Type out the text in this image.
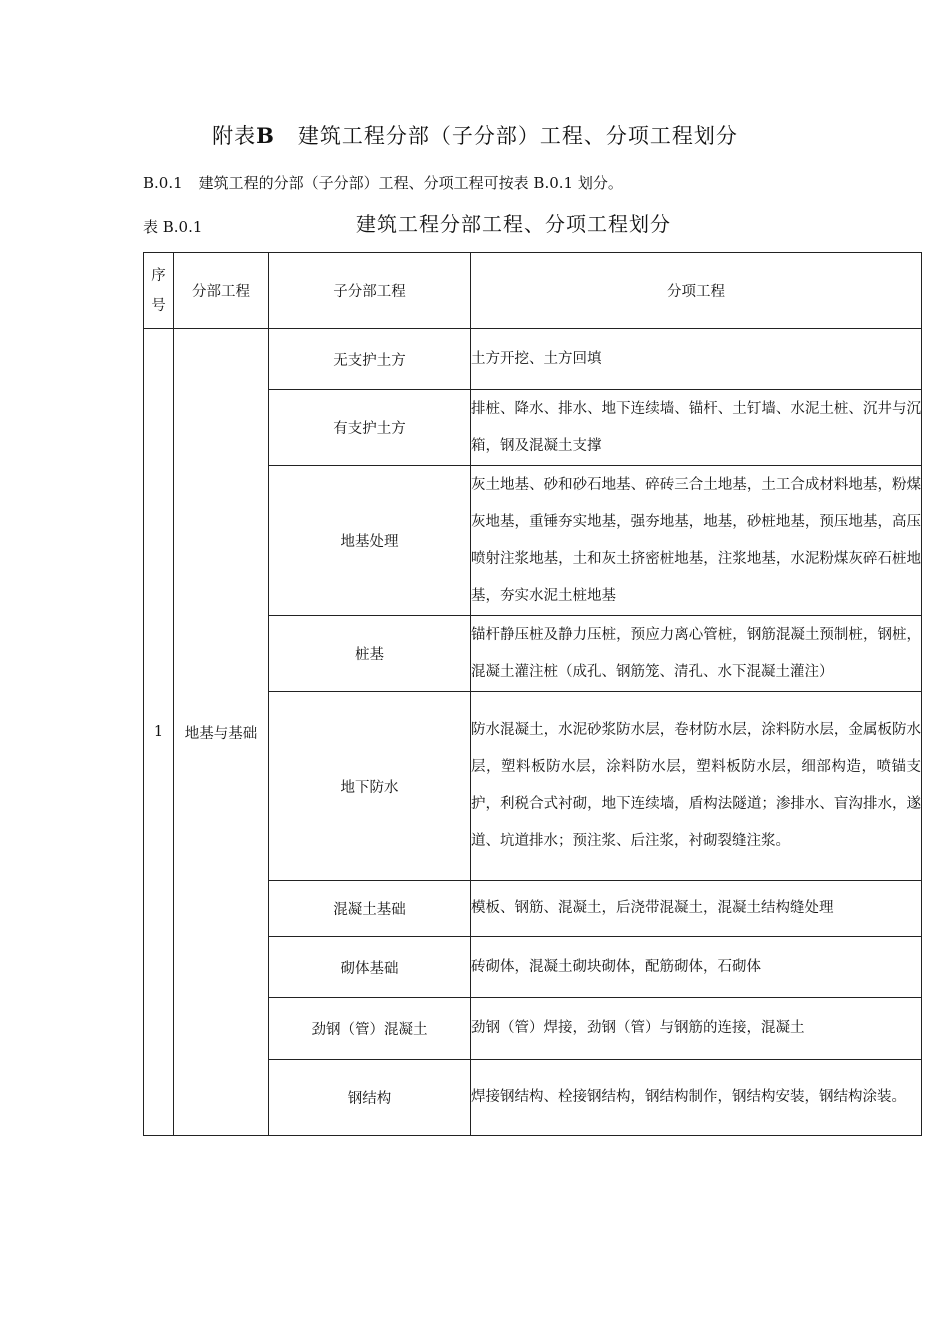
附表B 建筑工程分部（子分部）工程、分项工程划分
B.0.1 建筑工程的分部（子分部）工程、分项工程可按表 B.0.1 划分。
表 B.0.1	建筑工程分部工程、分项工程划分
序
号	分部工程	子分部工程	分项工程
1	地基与基础	无支护土方	土方开挖、土方回填
		有支护土方	排桩、降水、排水、地下连续墙、锚杆、土钉墙、水泥土桩、沉井与沉箱，钢及混凝土支撑
		地基处理	灰土地基、砂和砂石地基、碎砖三合土地基，土工合成材料地基，粉煤灰地基，重锤夯实地基，强夯地基，地基，砂桩地基，预压地基，高压喷射注浆地基，土和灰土挤密桩地基，注浆地基，水泥粉煤灰碎石桩地基，夯实水泥土桩地基
		桩基	锚杆静压桩及静力压桩，预应力离心管桩，钢筋混凝土预制桩，钢桩，混凝土灌注桩（成孔、钢筋笼、清孔、水下混凝土灌注）
		地下防水	防水混凝土，水泥砂浆防水层，卷材防水层，涂料防水层，金属板防水层，塑料板防水层，涂料防水层，塑料板防水层，细部构造，喷锚支护，利税合式衬砌，地下连续墙，盾构法隧道；渗排水、盲沟排水，遂道、坑道排水；预注浆、后注浆，衬砌裂缝注浆。
		混凝土基础	模板、钢筋、混凝土，后浇带混凝土，混凝土结构缝处理
		砌体基础	砖砌体，混凝土砌块砌体，配筋砌体，石砌体
		劲钢（管）混凝土	劲钢（管）焊接，劲钢（管）与钢筋的连接，混凝土
		钢结构	焊接钢结构、栓接钢结构，钢结构制作，钢结构安装，钢结构涂装。
